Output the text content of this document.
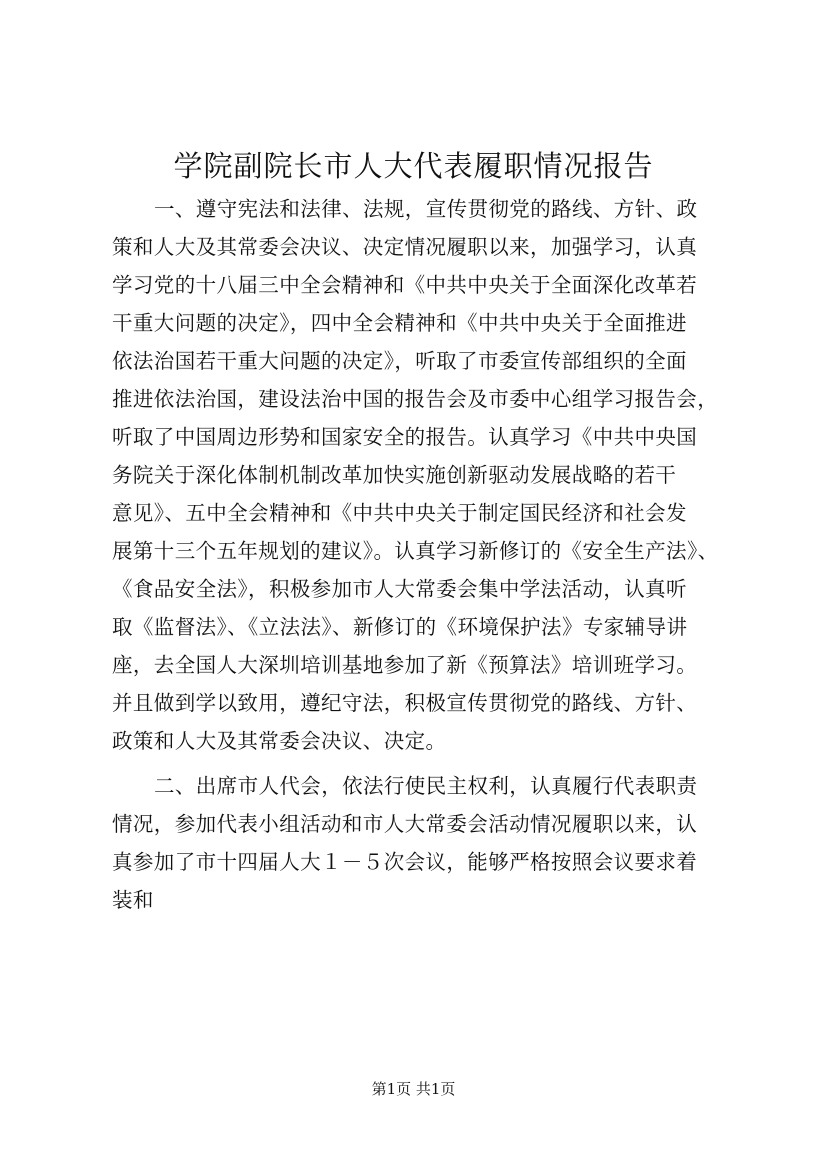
学院副院长市人大代表履职情况报告
一、遵守宪法和法律、法规，宣传贯彻党的路线、方针、政
策和人大及其常委会决议、决定情况履职以来，加强学习，认真
学习党的十八届三中全会精神和《中共中央关于全面深化改革若
干重大问题的决定》，四中全会精神和《中共中央关于全面推进
依法治国若干重大问题的决定》，听取了市委宣传部组织的全面
推进依法治国，建设法治中国的报告会及市委中心组学习报告会，
听取了中国周边形势和国家安全的报告。认真学习《中共中央国
务院关于深化体制机制改革加快实施创新驱动发展战略的若干
意见》、五中全会精神和《中共中央关于制定国民经济和社会发
展第十三个五年规划的建议》。认真学习新修订的《安全生产法》、
《食品安全法》，积极参加市人大常委会集中学法活动，认真听
取《监督法》、《立法法》、新修订的《环境保护法》专家辅导讲
座，去全国人大深圳培训基地参加了新《预算法》培训班学习。
并且做到学以致用，遵纪守法，积极宣传贯彻党的路线、方针、
政策和人大及其常委会决议、决定。
二、出席市人代会，依法行使民主权利，认真履行代表职责
情况，参加代表小组活动和市人大常委会活动情况履职以来，认
真参加了市十四届人大１－５次会议，能够严格按照会议要求着
装和
第1页 共1页
